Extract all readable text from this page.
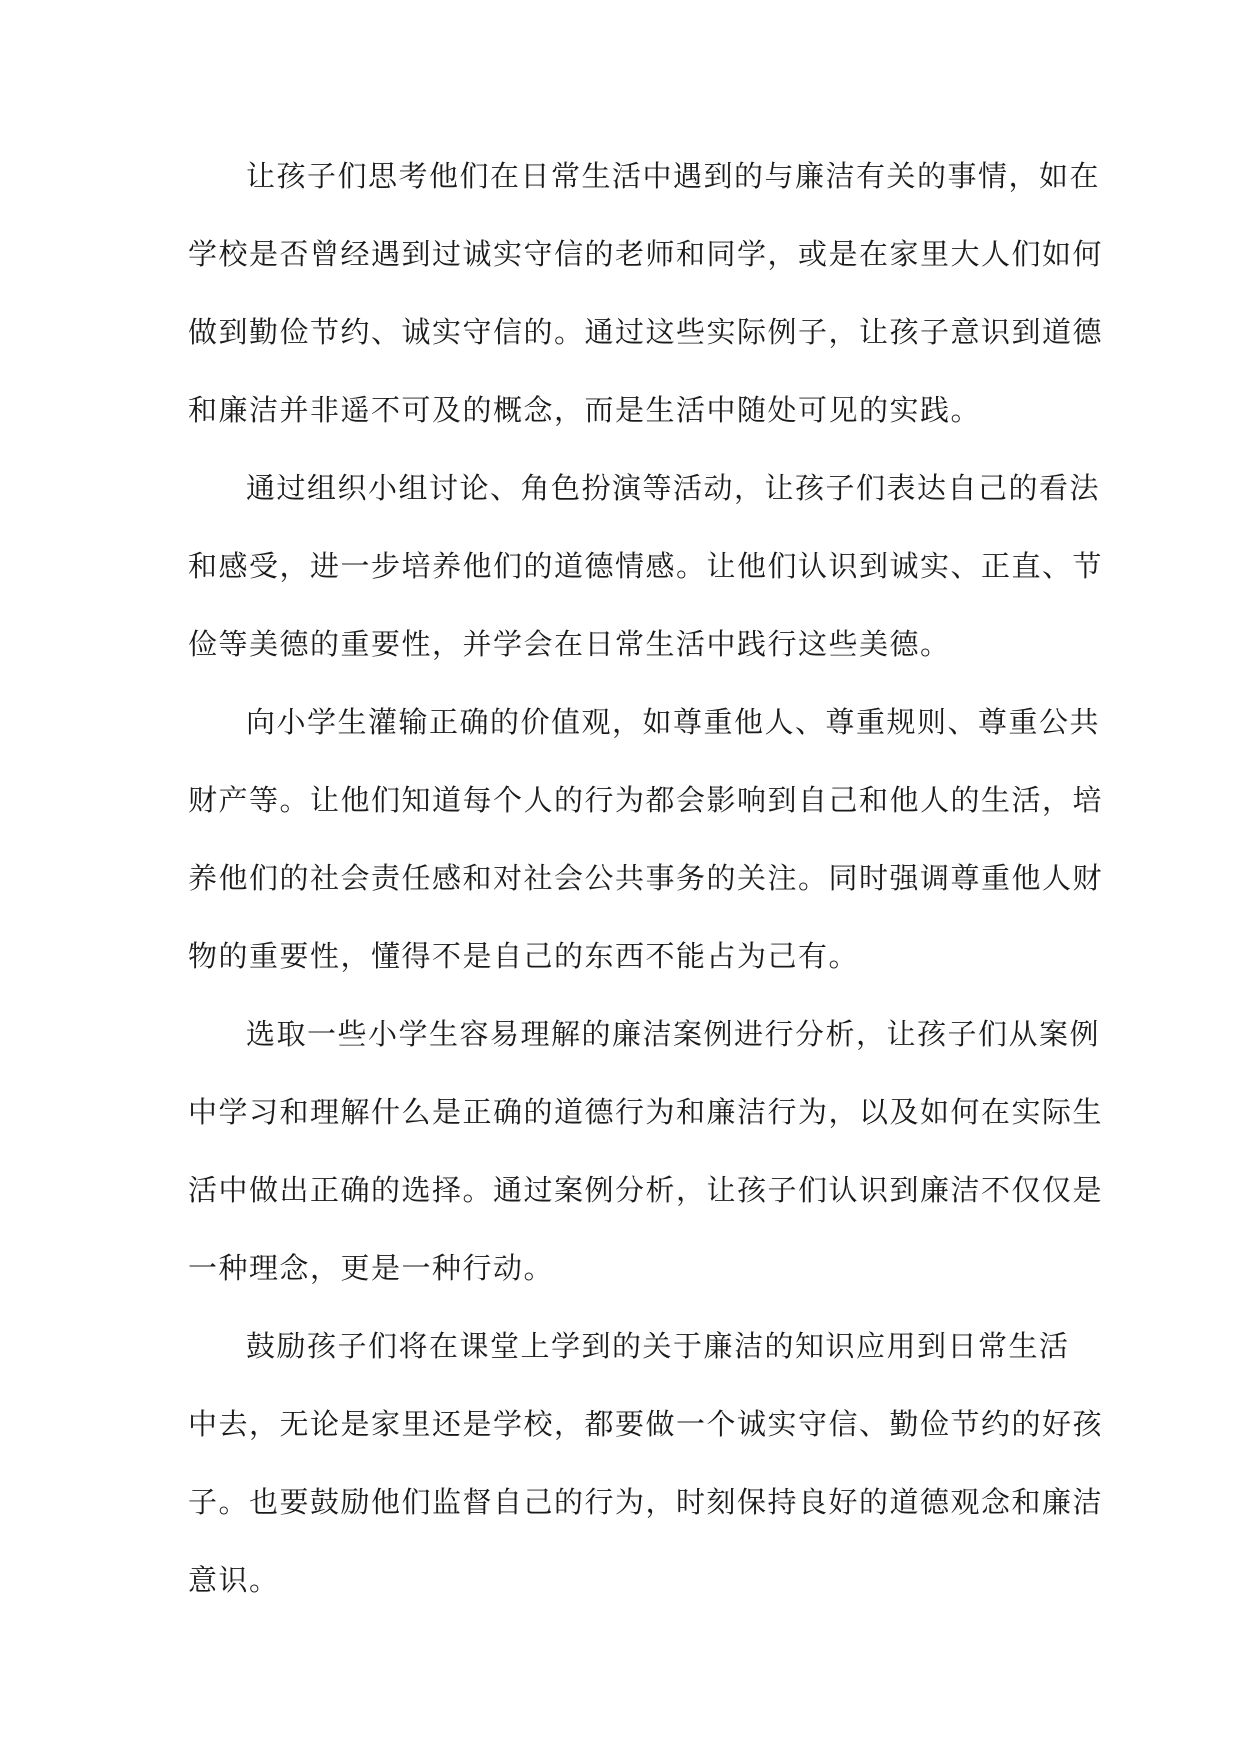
让孩子们思考他们在日常生活中遇到的与廉洁有关的事情，如在
学校是否曾经遇到过诚实守信的老师和同学，或是在家里大人们如何
做到勤俭节约、诚实守信的。通过这些实际例子，让孩子意识到道德
和廉洁并非遥不可及的概念，而是生活中随处可见的实践。
通过组织小组讨论、角色扮演等活动，让孩子们表达自己的看法
和感受，进一步培养他们的道德情感。让他们认识到诚实、正直、节
俭等美德的重要性，并学会在日常生活中践行这些美德。
向小学生灌输正确的价值观，如尊重他人、尊重规则、尊重公共
财产等。让他们知道每个人的行为都会影响到自己和他人的生活，培
养他们的社会责任感和对社会公共事务的关注。同时强调尊重他人财
物的重要性，懂得不是自己的东西不能占为己有。
选取一些小学生容易理解的廉洁案例进行分析，让孩子们从案例
中学习和理解什么是正确的道德行为和廉洁行为，以及如何在实际生
活中做出正确的选择。通过案例分析，让孩子们认识到廉洁不仅仅是
一种理念，更是一种行动。
鼓励孩子们将在课堂上学到的关于廉洁的知识应用到日常生活
中去，无论是家里还是学校，都要做一个诚实守信、勤俭节约的好孩
子。也要鼓励他们监督自己的行为，时刻保持良好的道德观念和廉洁
意识。
